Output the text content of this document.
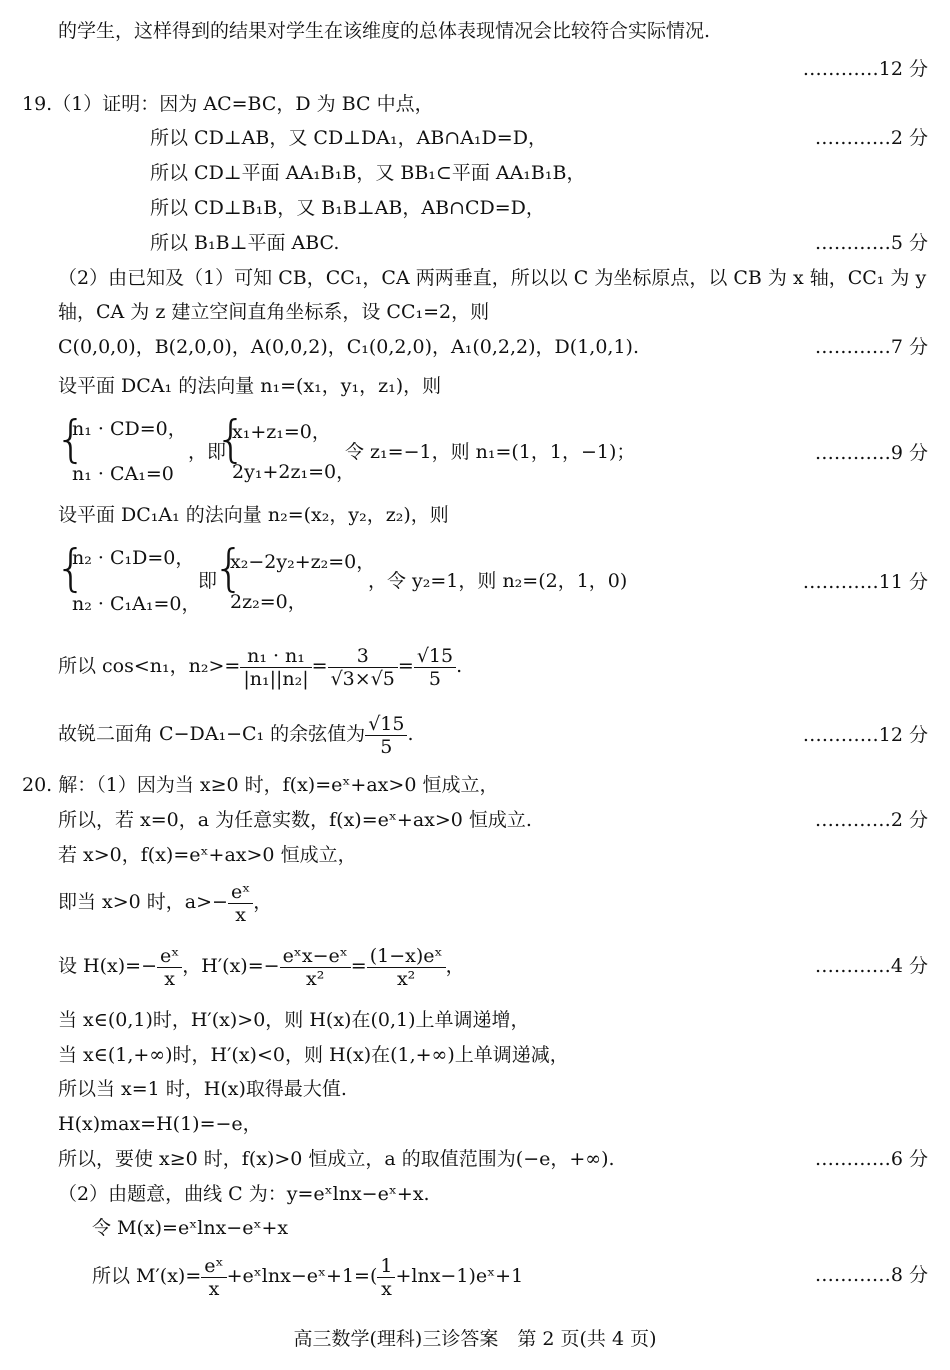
的学生，这样得到的结果对学生在该维度的总体表现情况会比较符合实际情况.
…………12 分
19.（1）证明：因为 AC=BC，D 为 BC 中点，
所以 CD⊥AB，又 CD⊥DA₁，AB∩A₁D=D，	…………2 分
所以 CD⊥平面 AA₁B₁B，又 BB₁⊂平面 AA₁B₁B，
所以 CD⊥B₁B，又 B₁B⊥AB，AB∩CD=D，
所以 B₁B⊥平面 ABC.	…………5 分
（2）由已知及（1）可知 CB，CC₁，CA 两两垂直，所以以 C 为坐标原点，以 CB 为 x 轴，CC₁ 为 y
轴，CA 为 z 建立空间直角坐标系，设 CC₁=2，则
C(0,0,0)，B(2,0,0)，A(0,0,2)，C₁(0,2,0)，A₁(0,2,2)，D(1,0,1).	…………7 分
设平面 DCA₁ 的法向量 n₁=(x₁，y₁，z₁)，则
{
n₁ · CD=0，
n₁ · CA₁=0
，即
{
x₁+z₁=0，
2y₁+2z₁=0，
令 z₁=−1，则 n₁=(1，1，−1)；	…………9 分
设平面 DC₁A₁ 的法向量 n₂=(x₂，y₂，z₂)，则
{
n₂ · C₁D=0，
n₂ · C₁A₁=0，
即
{
x₂−2y₂+z₂=0，
2z₂=0，
，令 y₂=1，则 n₂=(2，1，0)	…………11 分
所以 cos<n₁，$n_2>= \frac{\text{n₁ · n₁}}{\text{|n₁||n₂|}} = \frac{3}{√3\times√5} = \frac{√15}{5}$ .
故锐二面角 C−DA₁−C₁ 的余弦值为 $\frac{√15}{5}$ .	…………12 分
20. 解：（1）因为当 x≥0 时，f(x)=eˣ+ax>0 恒成立，
所以，若 x=0，a 为任意实数，f(x)=eˣ+ax>0 恒成立.	…………2 分
若 x>0，f(x)=eˣ+ax>0 恒成立，
即当 x>0 时，$a>- \frac{\text{eˣ}}{x}$ ，
设 $H(x)=- \frac{\text{eˣ}}{x}$ ，$H'(x)=- \frac{\text{eˣx−eˣ}}{\text{x²}} = \frac{\text{(1−x)eˣ}}{\text{x²}}$ ，	…………4 分
当 x∈(0,1)时，H′(x)>0，则 H(x)在(0,1)上单调递增，
当 x∈(1,+∞)时，H′(x)<0，则 H(x)在(1,+∞)上单调递减，
所以当 x=1 时，H(x)取得最大值.
H(x)max=H(1)=−e，
所以，要使 x≥0 时，f(x)>0 恒成立，a 的取值范围为(−e，+∞).	…………6 分
（2）由题意，曲线 C 为：y=eˣlnx−eˣ+x.
令 M(x)=eˣlnx−eˣ+x
所以 $M'(x)= \frac{\text{eˣ}}{x}$ +eˣlnx−eˣ+1=( $\frac{1}{x}$ +lnx−1)eˣ+1	…………8 分
高三数学(理科)三诊答案　第 2 页(共 4 页)
